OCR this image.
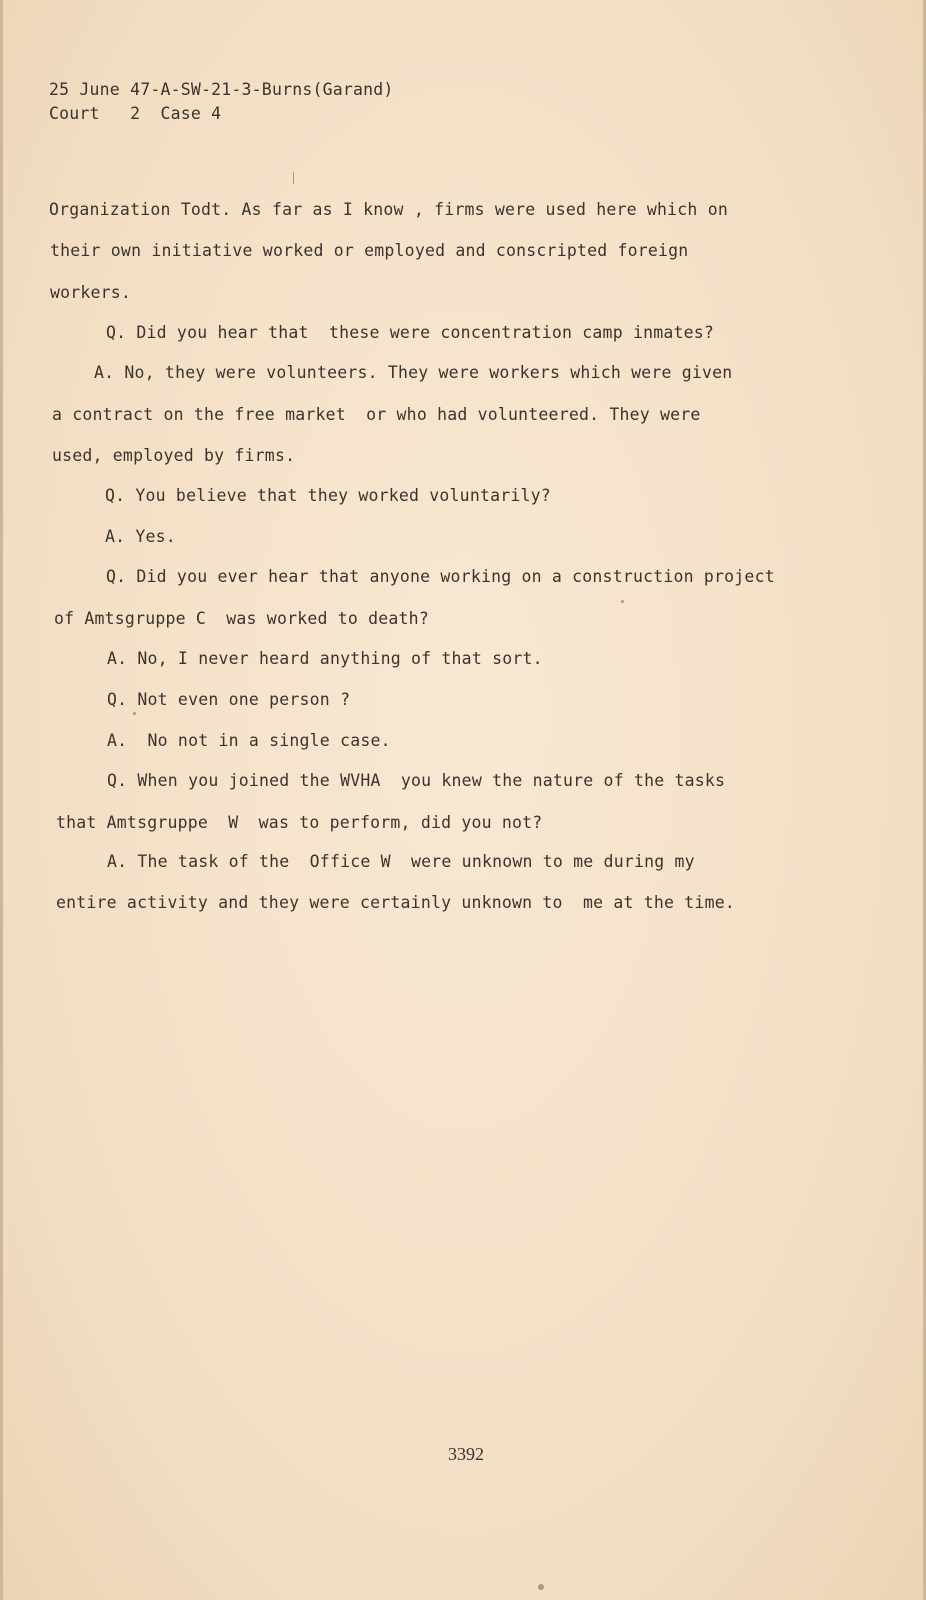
25 June 47-A-SW-21-3-Burns(Garand)
Court   2  Case 4
Organization Todt. As far as I know , firms were used here which on
their own initiative worked or employed and conscripted foreign
workers.
Q. Did you hear that  these were concentration camp inmates?
A. No, they were volunteers. They were workers which were given
a contract on the free market  or who had volunteered. They were
used, employed by firms.
Q. You believe that they worked voluntarily?
A. Yes.
Q. Did you ever hear that anyone working on a construction project
of Amtsgruppe C  was worked to death?
A. No, I never heard anything of that sort.
Q. Not even one person ?
A.  No not in a single case.
Q. When you joined the WVHA  you knew the nature of the tasks
that Amtsgruppe  W  was to perform, did you not?
A. The task of the  Office W  were unknown to me during my
entire activity and they were certainly unknown to  me at the time.
3392
